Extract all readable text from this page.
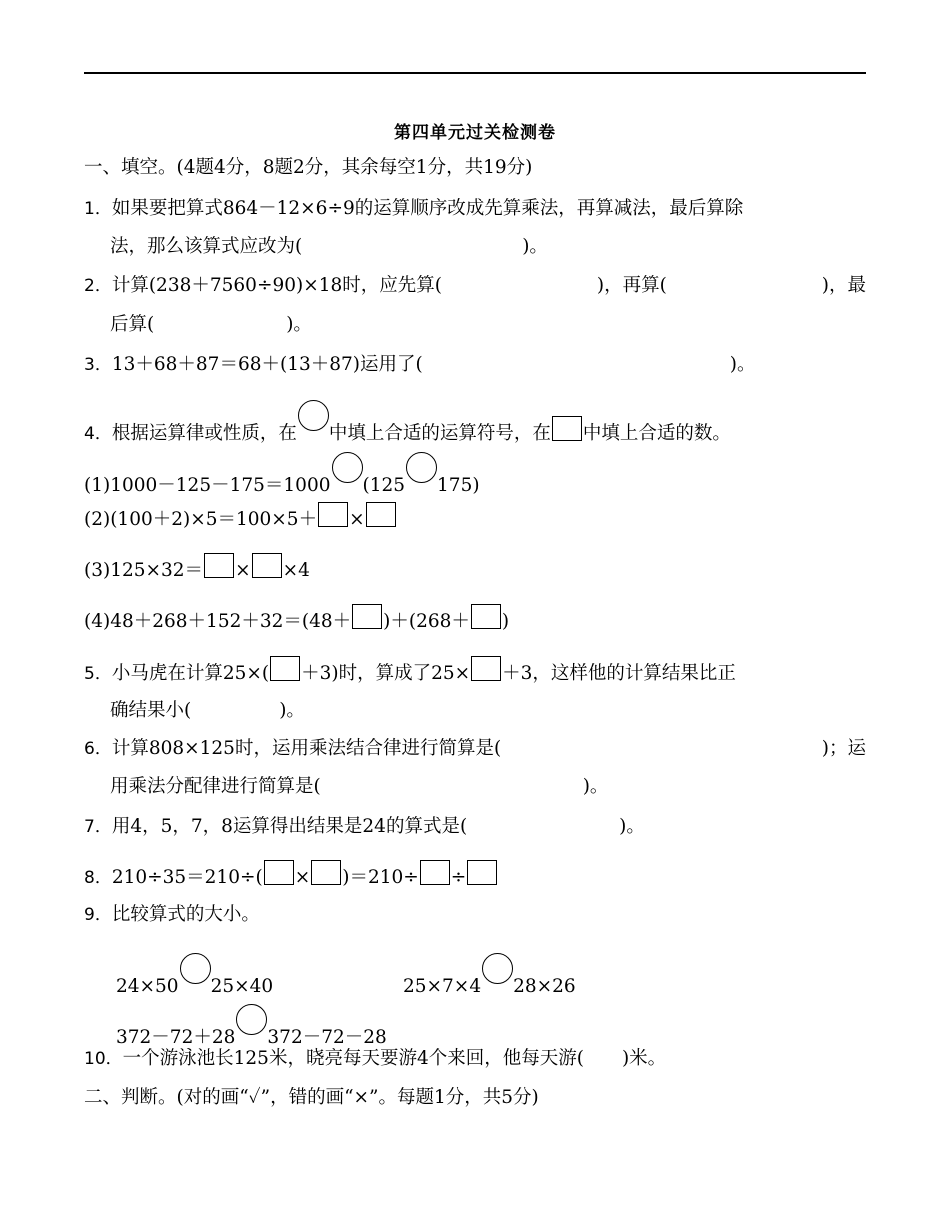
第四单元过关检测卷
一、填空。(4题4分，8题2分，其余每空1分，共19分)
1．如果要把算式864－12×6÷9的运算顺序改成先算乘法，再算减法，最后算除
法，那么该算式应改为(	)。
2．计算(238＋7560÷90)×18时，应先算(	)，再算(	)，最
后算(	)。
3．13＋68＋87＝68＋(13＋87)运用了(	)。
4．根据运算律或性质，在 中填上合适的运算符号，在 中填上合适的数。
(1)1000－125－175＝1000 (125 175)
(2)(100＋2)×5＝100×5＋ ×
(3)125×32＝ × ×4
(4)48＋268＋152＋32＝(48＋ )＋(268＋ )
5．小马虎在计算25×( ＋3)时，算成了25× ＋3，这样他的计算结果比正
确结果小(	)。
6．计算808×125时，运用乘法结合律进行简算是(	)；运
用乘法分配律进行简算是(	)。
7．用4，5，7，8运算得出结果是24的算式是(	)。
8．210÷35＝210÷( × )＝210÷ ÷
9．比较算式的大小。
24×50 25×40	25×7×4 28×26
372－72＋28 372－72－28
10．一个游泳池长125米，晓亮每天要游4个来回，他每天游( )米。
二、判断。(对的画“✓”，错的画“×”。每题1分，共5分)
